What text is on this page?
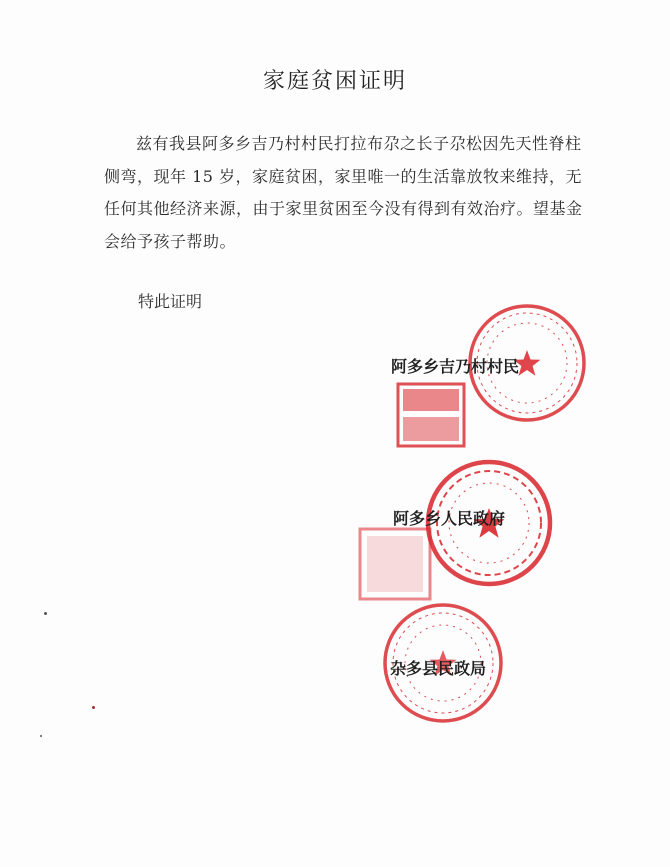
家庭贫困证明
兹有我县阿多乡吉乃村村民打拉布尕之长子尕松因先天性脊柱侧弯，现年 15 岁，家庭贫困，家里唯一的生活靠放牧来维持，无任何其他经济来源，由于家里贫困至今没有得到有效治疗。望基金会给予孩子帮助。
特此证明
阿多乡吉乃村村民
阿多乡人民政府
杂多县民政局
